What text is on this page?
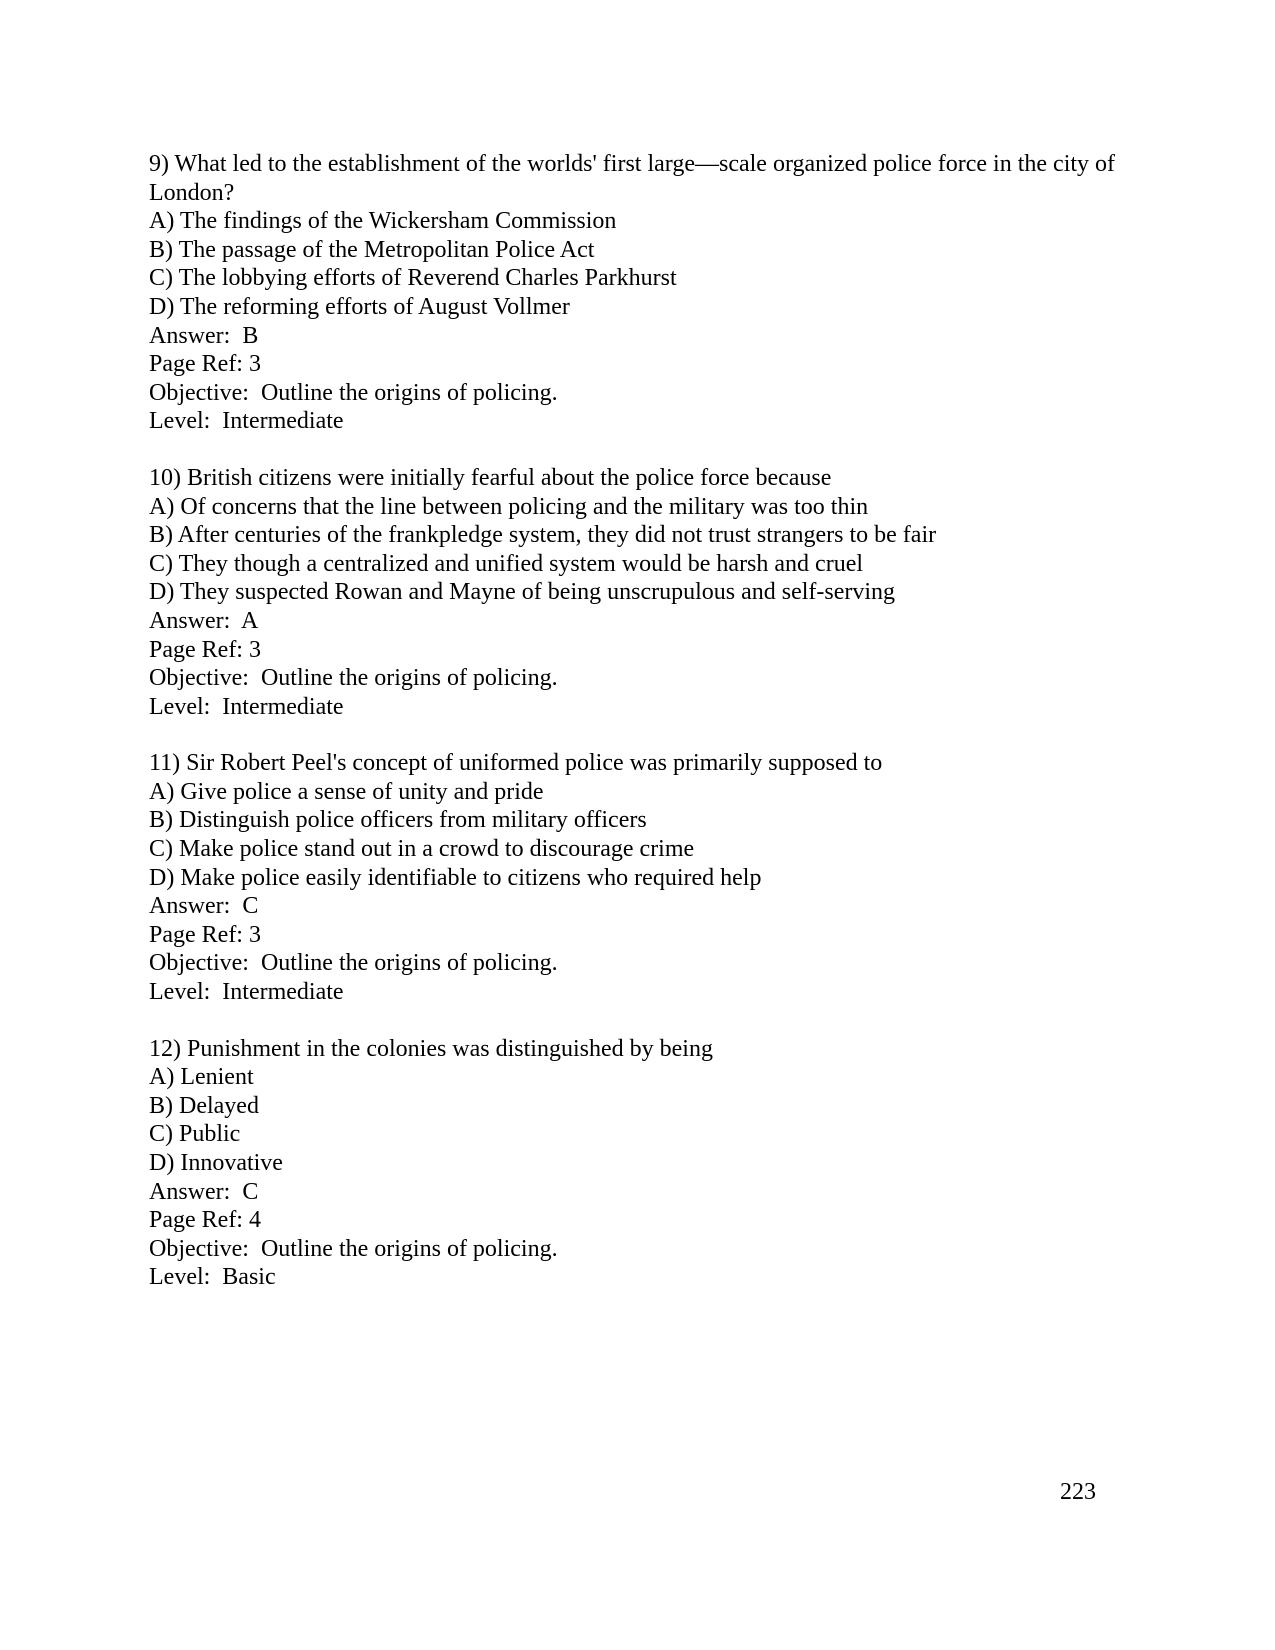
9) What led to the establishment of the worlds' first large—scale organized police force in the city of London?
A) The findings of the Wickersham Commission
B) The passage of the Metropolitan Police Act
C) The lobbying efforts of Reverend Charles Parkhurst
D) The reforming efforts of August Vollmer
Answer:  B
Page Ref: 3
Objective:  Outline the origins of policing.
Level:  Intermediate
10) British citizens were initially fearful about the police force because
A) Of concerns that the line between policing and the military was too thin
B) After centuries of the frankpledge system, they did not trust strangers to be fair
C) They though a centralized and unified system would be harsh and cruel
D) They suspected Rowan and Mayne of being unscrupulous and self-serving
Answer:  A
Page Ref: 3
Objective:  Outline the origins of policing.
Level:  Intermediate
11) Sir Robert Peel's concept of uniformed police was primarily supposed to
A) Give police a sense of unity and pride
B) Distinguish police officers from military officers
C) Make police stand out in a crowd to discourage crime
D) Make police easily identifiable to citizens who required help
Answer:  C
Page Ref: 3
Objective:  Outline the origins of policing.
Level:  Intermediate
12) Punishment in the colonies was distinguished by being
A) Lenient
B) Delayed
C) Public
D) Innovative
Answer:  C
Page Ref: 4
Objective:  Outline the origins of policing.
Level:  Basic
223
